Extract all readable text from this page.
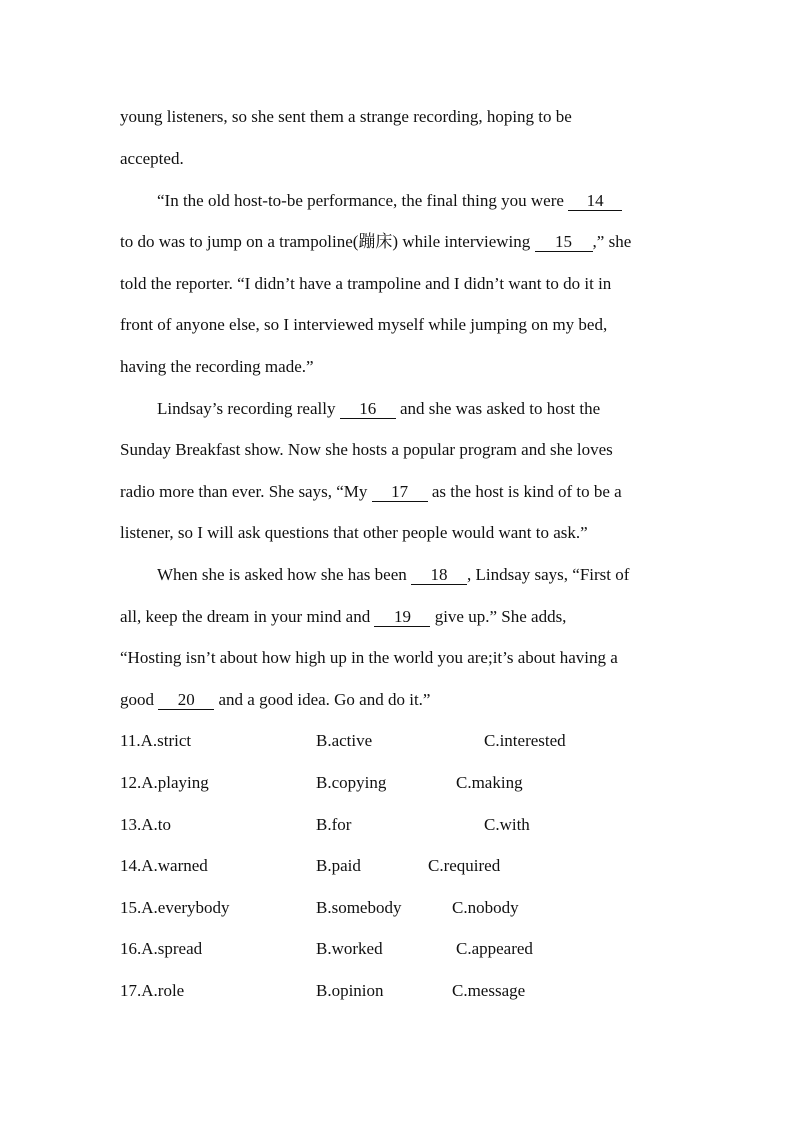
young listeners, so she sent them a strange recording, hoping to be
accepted.
“In the old host-to-be performance, the final thing you were 14
to do was to jump on a trampoline(蹦床) while interviewing 15 ,” she
told the reporter. “I didn’t have a trampoline and I didn’t want to do it in
front of anyone else, so I interviewed myself while jumping on my bed,
having the recording made.”
Lindsay’s recording really 16 and she was asked to host the
Sunday Breakfast show. Now she hosts a popular program and she loves
radio more than ever. She says, “My 17 as the host is kind of to be a
listener, so I will ask questions that other people would want to ask.”
When she is asked how she has been 18 , Lindsay says, “First of
all, keep the dream in your mind and 19 give up.” She adds,
“Hosting isn’t about how high up in the world you are;it’s about having a
good 20 and a good idea. Go and do it.”
11.A.strict	B.active	C.interested
12.A.playing	B.copying	C.making
13.A.to	B.for	C.with
14.A.warned	B.paid	C.required
15.A.everybody	B.somebody	C.nobody
16.A.spread	B.worked	C.appeared
17.A.role	B.opinion	C.message
